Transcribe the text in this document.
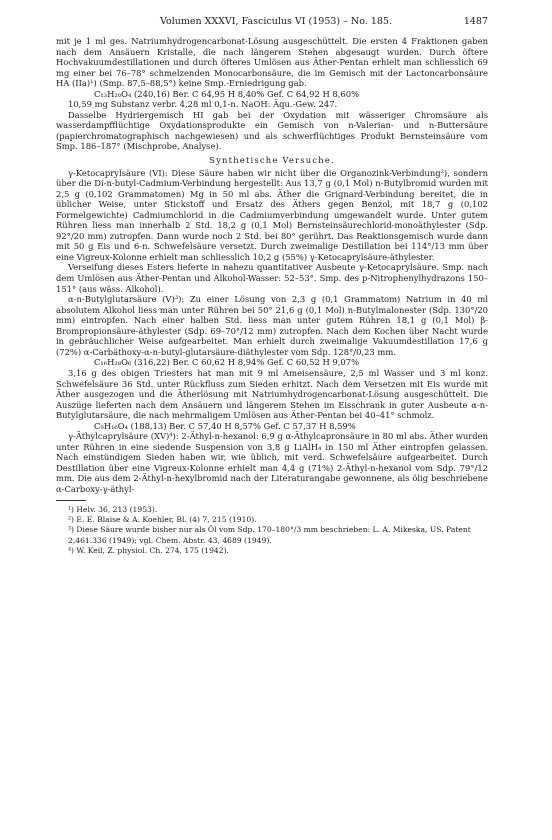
Volumen XXXVI, Fasciculus VI (1953) – No. 185.	1487

mit je 1 ml ges. Natriumhydrogencarbonat-Lösung ausgeschüttelt. Die ersten 4 Fraktionen gaben nach dem Ansäuern Kristalle, die nach längerem Stehen abgesaugt wurden. Durch öftere Hochvakuumdestillationen und durch öfteres Umlösen aus Äther-Pentan erhielt man schliesslich 69 mg einer bei 76–78° schmelzenden Monocarbonsäure, die im Gemisch mit der Lactoncarbonsäure HA (IIa)¹) (Smp. 87,5–88,5°) keine Smp.-Erniedrigung gab.

C₁₃H₂₀O₄ (240,16) Ber. C 64,95 H 8,40% Gef. C 64,92 H 8,60%

10,59 mg Substanz verbr. 4,28 ml 0,1-n. NaOH: Äqu.-Gew. 247.

Dasselbe Hydriergemisch HI gab bei der Oxydation mit wässeriger Chromsäure als wasserdampfflüchtige Oxydationsprodukte ein Gemisch von n-Valerian- und n-Buttersäure (papierchromatographisch nachgewiesen) und als schwerflüchtiges Produkt Bernsteinsäure vom Smp. 186–187° (Mischprobe, Analyse).

Synthetische Versuche.

γ-Ketocaprylsäure (VI): Diese Säure haben wir nicht über die Organozink-Verbindung²), sondern über die Di-n-butyl-Cadmium-Verbindung hergestellt: Aus 13,7 g (0,1 Mol) n-Butylbromid wurden mit 2,5 g (0,102 Grammatomen) Mg in 50 ml abs. Äther die Grignard-Verbindung bereitet, die in üblicher Weise, unter Stickstoff und Ersatz des Äthers gegen Benzol, mit 18,7 g (0,102 Formelgewichte) Cadmiumchlorid in die Cadmiumverbindung umgewandelt wurde. Unter gutem Rühren liess man innerhalb 2 Std. 18,2 g (0,1 Mol) Bernsteinsäurechlorid-monoäthylester (Sdp. 92°/20 mm) zutropfen. Dann wurde noch 2 Std. bei 80° gerührt. Das Reaktionsgemisch wurde dann mit 50 g Eis und 6-n. Schwefelsäure versetzt. Durch zweimalige Destillation bei 114°/13 mm über eine Vigreux-Kolonne erhielt man schliesslich 10,2 g (55%) γ-Ketocaprylsäure-äthylester.

Verseifung dieses Esters lieferte in nahezu quantitativer Ausbeute γ-Ketocaprylsäure. Smp. nach dem Umlösen aus Äther-Pentan und Alkohol-Wasser: 52–53°. Smp. des p-Nitrophenylhydrazons 150–151° (aus wäss. Alkohol).

α-n-Butylglutarsäure (V)³): Zu einer Lösung von 2,3 g (0,1 Grammatom) Natrium in 40 ml absolutem Alkohol liess man unter Rühren bei 50° 21,6 g (0,1 Mol) n-Butylmalonester (Sdp. 130°/20 mm) eintropfen. Nach einer halben Std. liess man unter gutem Rühren 18,1 g (0,1 Mol) β-Brompropionsäure-äthylester (Sdp. 69–70°/12 mm) zutropfen. Nach dem Kochen über Nacht wurde in gebräuchlicher Weise aufgearbeitet. Man erhielt durch zweimalige Vakuumdestillation 17,6 g (72%) α-Carbäthoxy-α-n-butyl-glutarsäure-diäthylester vom Sdp. 128°/0,23 mm.

C₁₆H₂₈O₆ (316,22) Ber. C 60,62 H 8,94% Gef. C 60,52 H 9,07%

3,16 g des obigen Triesters hat man mit 9 ml Ameisensäure, 2,5 ml Wasser und 3 ml konz. Schwefelsäure 36 Std. unter Rückfluss zum Sieden erhitzt. Nach dem Versetzen mit Eis wurde mit Äther ausgezogen und die Ätherlösung mit Natriumhydrogencarbonat-Lösung ausgeschüttelt. Die Auszüge lieferten nach dem Ansäuern und längerem Stehen im Eisschrank in guter Ausbeute α-n-Butylglutarsäure, die nach mehrmaligem Umlösen aus Äther-Pentan bei 40–41° schmolz.

C₉H₁₆O₄ (188,13) Ber. C 57,40 H 8,57% Gef. C 57,37 H 8,59%

γ-Äthylcaprylsäure (XV)⁴): 2-Äthyl-n-hexanol: 6,9 g α-Äthylcapronsäure in 80 ml abs. Äther wurden unter Rühren in eine siedende Suspension von 3,8 g LiAlH₄ in 150 ml Äther eintropfen gelassen. Nach einstündigem Sieden haben wir, wie üblich, mit verd. Schwefelsäure aufgearbeitet. Durch Destillation über eine Vigreux-Kolonne erhielt man 4,4 g (71%) 2-Äthyl-n-hexanol vom Sdp. 79°/12 mm. Die aus dem 2-Äthyl-n-hexylbromid nach der Literaturangabe gewonnene, als ölig beschriebene α-Carboxy-γ-äthyl-

¹) Helv. 36, 213 (1953).
²) E. E. Blaise & A. Koehler, Bl. (4) 7, 215 (1910).
³) Diese Säure wurde bisher nur als Öl vom Sdp. 170–180°/3 mm beschrieben: L. A. Mikeska, US. Patent 2,461.336 (1949); vgl. Chem. Abstr. 43, 4689 (1949).
⁴) W. Keil, Z. physiol. Ch. 274, 175 (1942).
